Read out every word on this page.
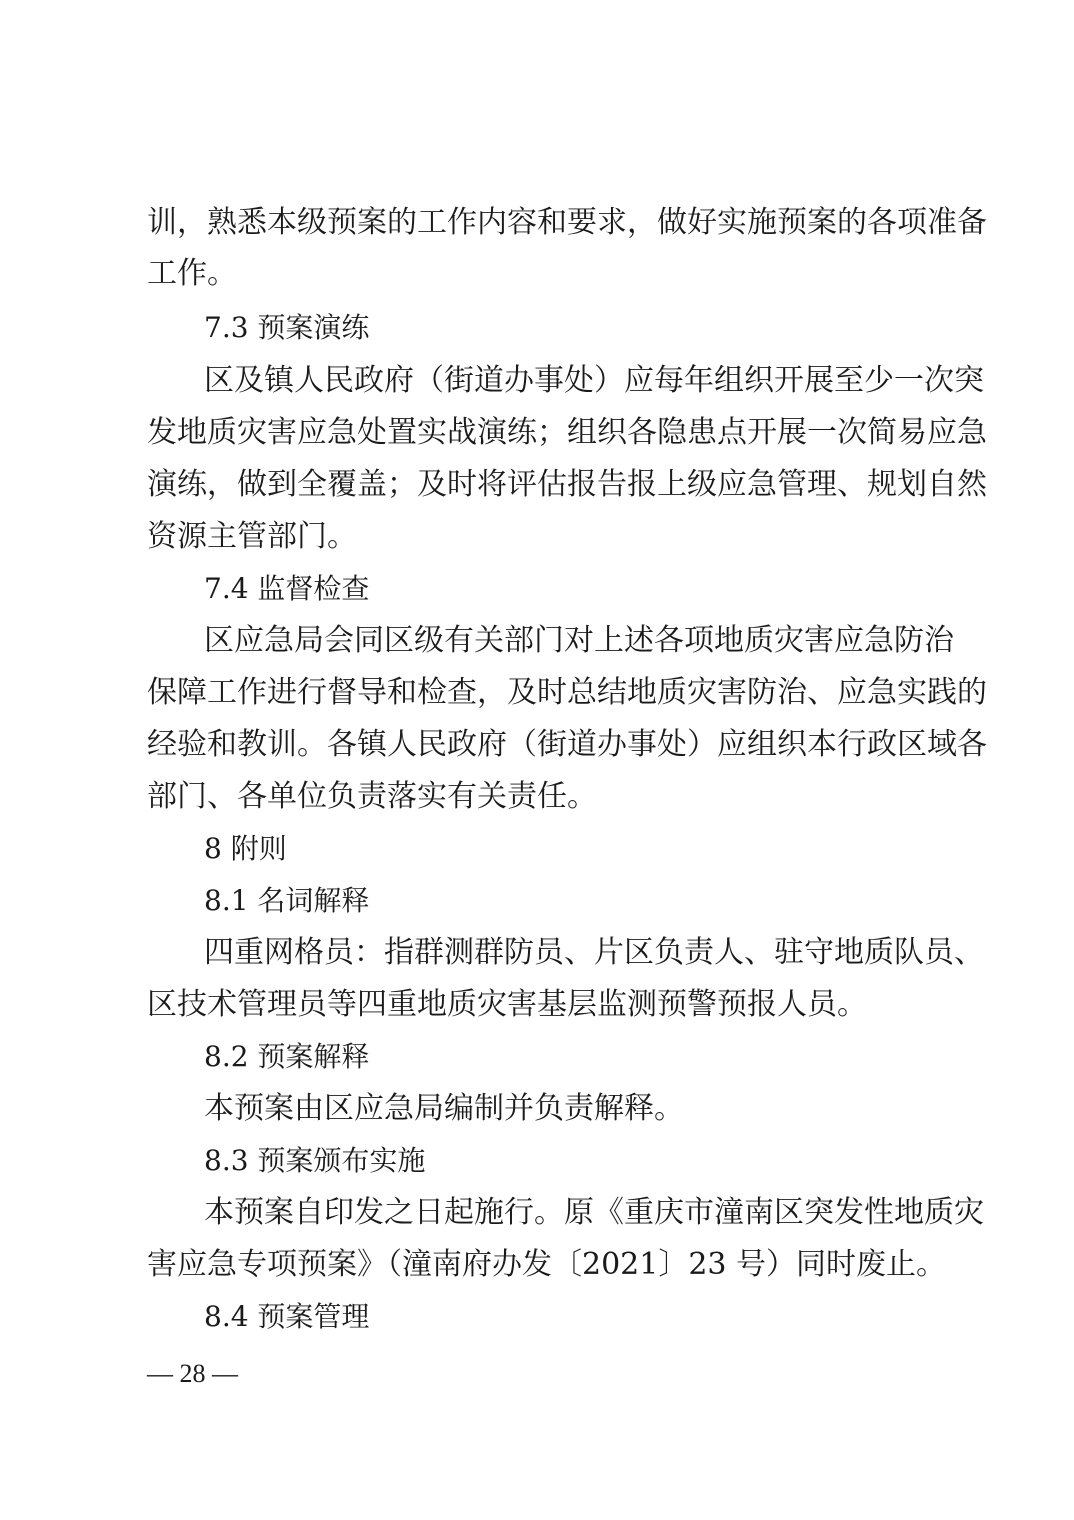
训，熟悉本级预案的工作内容和要求，做好实施预案的各项准备
工作。
7.3 预案演练
区及镇人民政府（街道办事处）应每年组织开展至少一次突
发地质灾害应急处置实战演练；组织各隐患点开展一次简易应急
演练，做到全覆盖；及时将评估报告报上级应急管理、规划自然
资源主管部门。
7.4 监督检查
区应急局会同区级有关部门对上述各项地质灾害应急防治
保障工作进行督导和检查，及时总结地质灾害防治、应急实践的
经验和教训。各镇人民政府（街道办事处）应组织本行政区域各
部门、各单位负责落实有关责任。
8 附则
8.1 名词解释
四重网格员：指群测群防员、片区负责人、驻守地质队员、
区技术管理员等四重地质灾害基层监测预警预报人员。
8.2 预案解释
本预案由区应急局编制并负责解释。
8.3 预案颁布实施
本预案自印发之日起施行。原《重庆市潼南区突发性地质灾
害应急专项预案》（潼南府办发〔2021〕23 号）同时废止。
8.4 预案管理
— 28 —
